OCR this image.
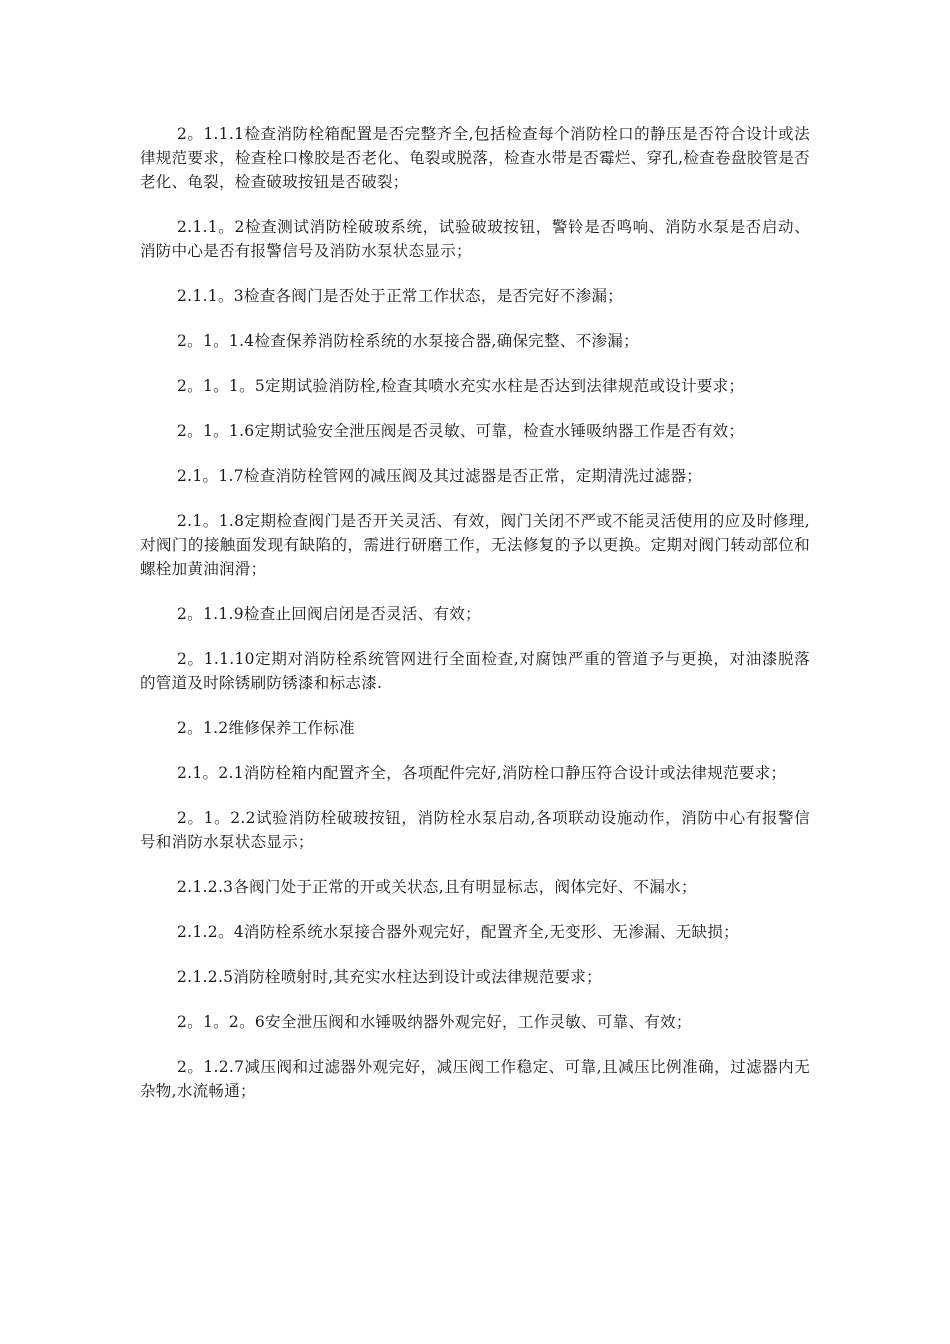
2。1.1.1检查消防栓箱配置是否完整齐全,包括检查每个消防栓口的静压是否符合设计或法律规范要求，检查栓口橡胶是否老化、龟裂或脱落，检查水带是否霉烂、穿孔,检查卷盘胶管是否老化、龟裂，检查破玻按钮是否破裂；

2.1.1。2检查测试消防栓破玻系统，试验破玻按钮，警铃是否鸣响、消防水泵是否启动、消防中心是否有报警信号及消防水泵状态显示；

2.1.1。3检查各阀门是否处于正常工作状态，是否完好不渗漏；

2。1。1.4检查保养消防栓系统的水泵接合器,确保完整、不渗漏；

2。1。1。5定期试验消防栓,检查其喷水充实水柱是否达到法律规范或设计要求；

2。1。1.6定期试验安全泄压阀是否灵敏、可靠，检查水锤吸纳器工作是否有效；

2.1。1.7检查消防栓管网的减压阀及其过滤器是否正常，定期清洗过滤器；

2.1。1.8定期检查阀门是否开关灵活、有效，阀门关闭不严或不能灵活使用的应及时修理,对阀门的接触面发现有缺陷的，需进行研磨工作，无法修复的予以更换。定期对阀门转动部位和螺栓加黄油润滑；

2。1.1.9检查止回阀启闭是否灵活、有效；

2。1.1.10定期对消防栓系统管网进行全面检查,对腐蚀严重的管道予与更换，对油漆脱落的管道及时除锈刷防锈漆和标志漆.

2。1.2维修保养工作标准

2.1。2.1消防栓箱内配置齐全，各项配件完好,消防栓口静压符合设计或法律规范要求；

2。1。2.2试验消防栓破玻按钮，消防栓水泵启动,各项联动设施动作，消防中心有报警信号和消防水泵状态显示；

2.1.2.3各阀门处于正常的开或关状态,且有明显标志，阀体完好、不漏水；

2.1.2。4消防栓系统水泵接合器外观完好，配置齐全,无变形、无渗漏、无缺损；

2.1.2.5消防栓喷射时,其充实水柱达到设计或法律规范要求；

2。1。2。6安全泄压阀和水锤吸纳器外观完好，工作灵敏、可靠、有效；

2。1.2.7减压阀和过滤器外观完好，减压阀工作稳定、可靠,且减压比例准确，过滤器内无杂物,水流畅通；
